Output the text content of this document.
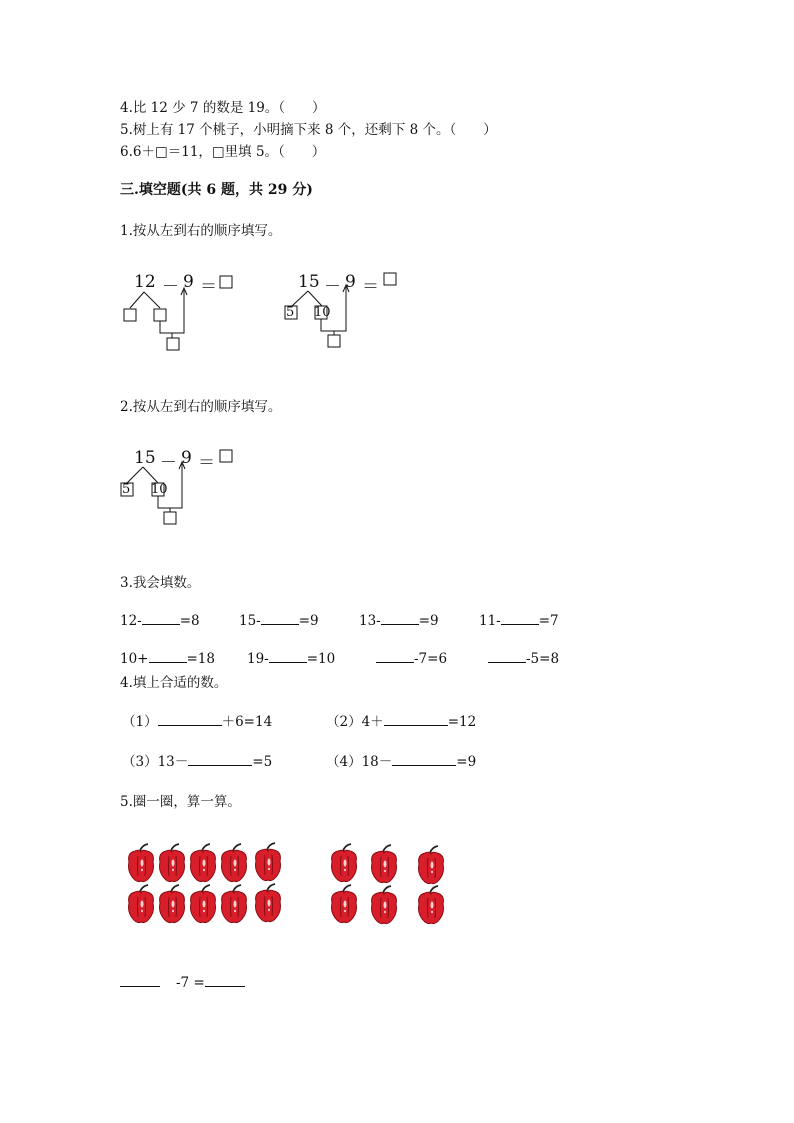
4.比 12 少 7 的数是 19。（　　）
5.树上有 17 个桃子，小明摘下来 8 个，还剩下 8 个。（　　）
6.6＋□＝11，□里填 5。（　　）
三.填空题(共 6 题，共 29 分)
1.按从左到右的顺序填写。
12 － 9 ＝	15 － 9 ＝
5 10
2.按从左到右的顺序填写。
15 － 9 ＝
5 10
3.我会填数。
12-	=8	15-	=9	13-	=9	11-	=7
10+	=18 19-	=10	-7=6	-5=8
4.填上合适的数。
（1）	＋6=14	（2）4＋	=12
（3）13－	=5	（4）18－	=9
5.圈一圈，算一算。
-7 =
